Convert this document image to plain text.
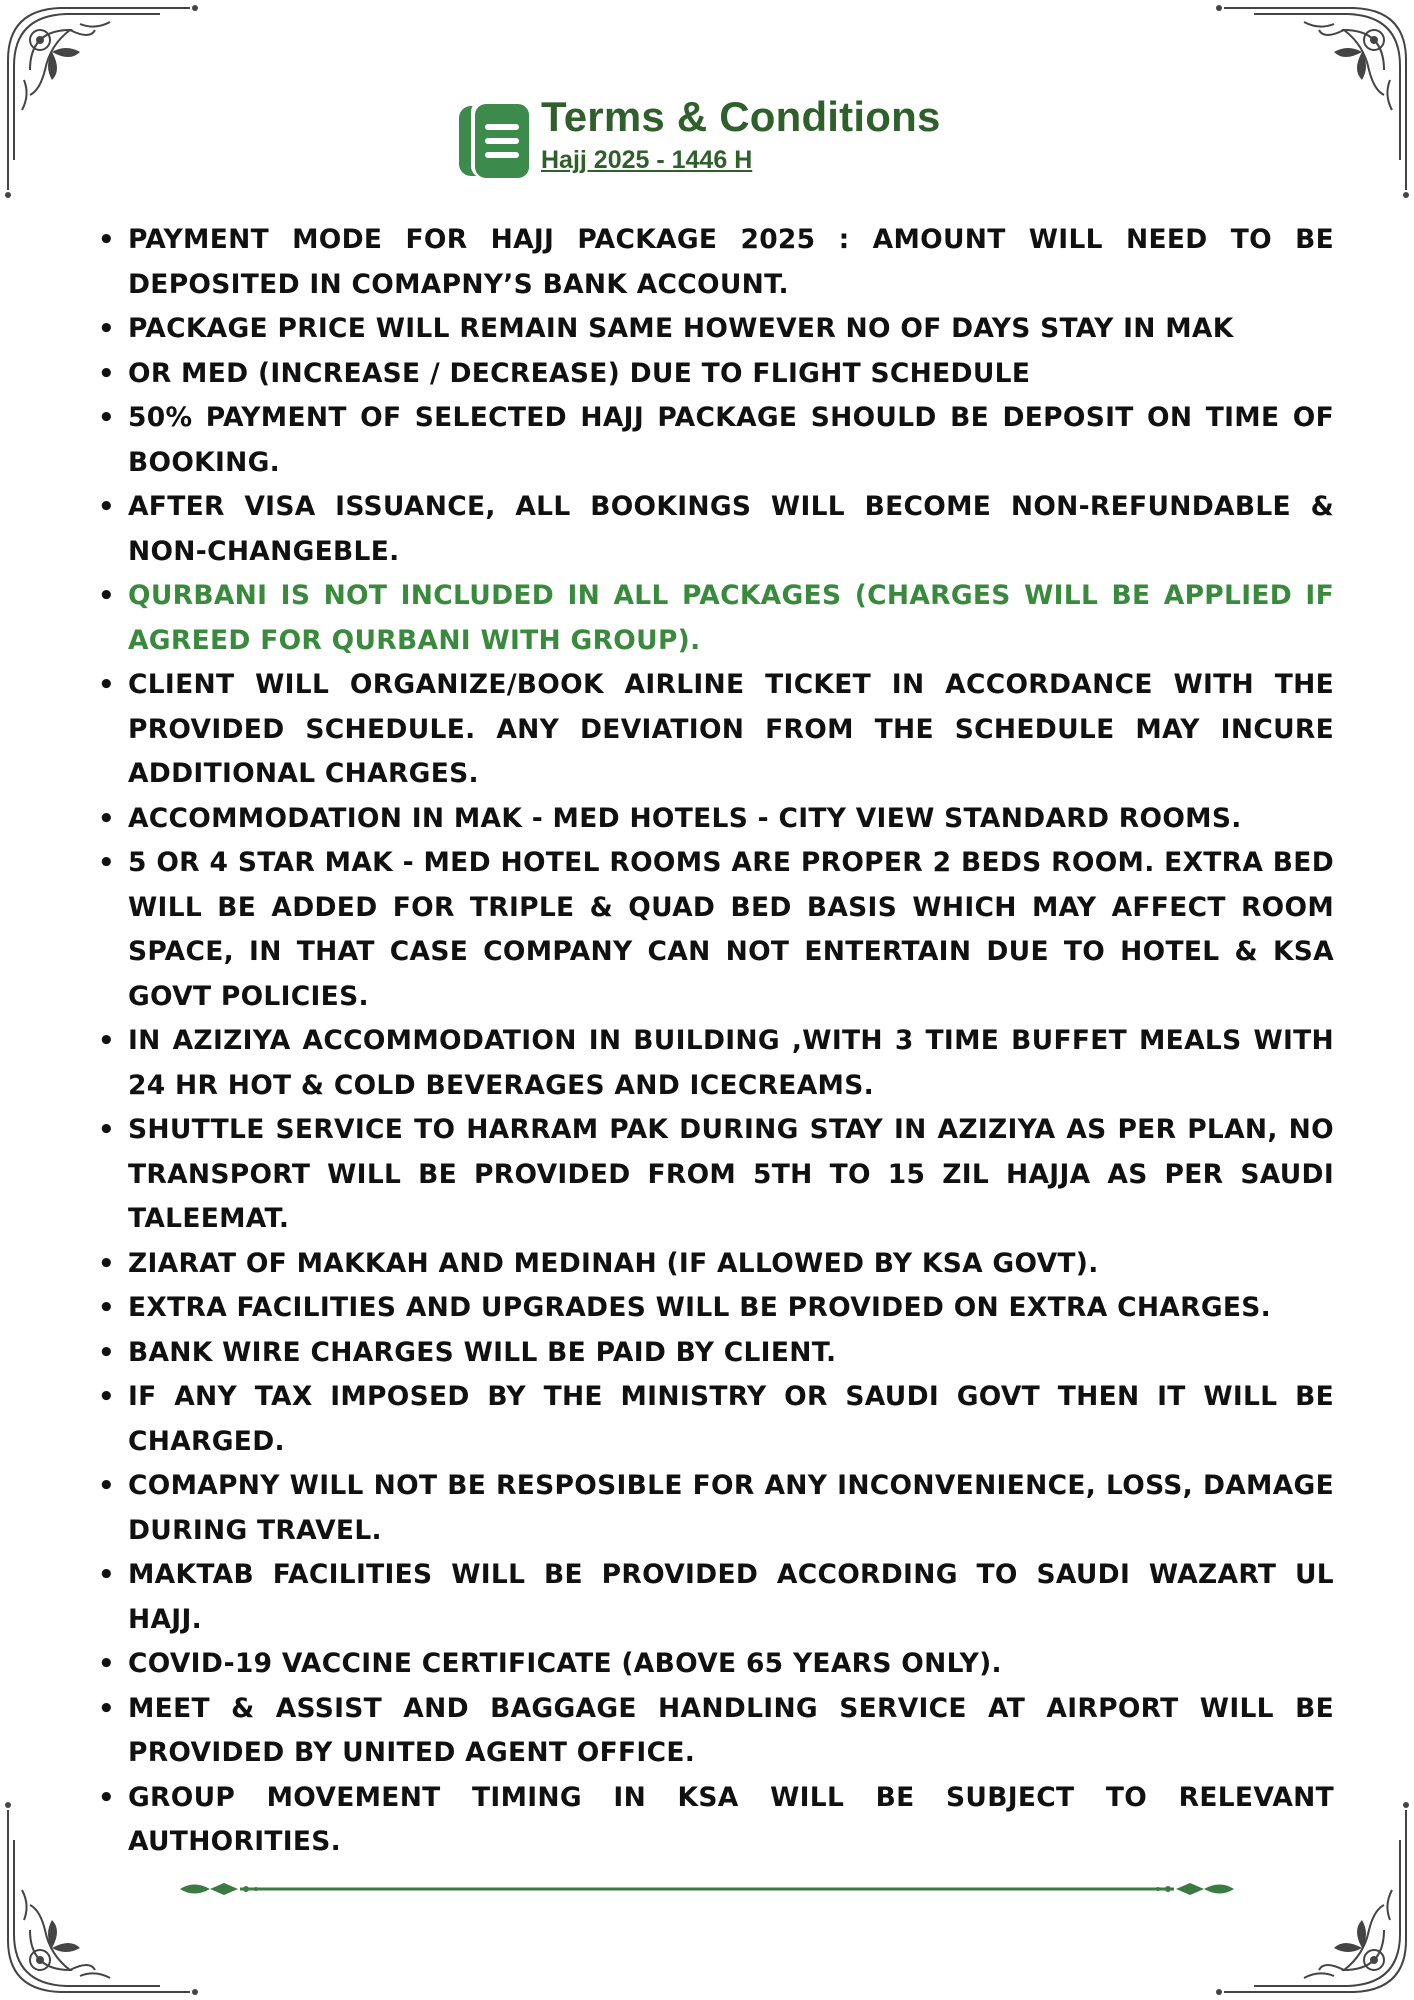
Terms & Conditions
Hajj 2025 - 1446 H
• PAYMENT MODE FOR HAJJ PACKAGE 2025 : AMOUNT WILL NEED TO BE DEPOSITED IN COMAPNY’S BANK ACCOUNT.
• PACKAGE PRICE WILL REMAIN SAME HOWEVER NO OF DAYS STAY IN MAK
• OR MED (INCREASE / DECREASE) DUE TO FLIGHT SCHEDULE
• 50% PAYMENT OF SELECTED HAJJ PACKAGE SHOULD BE DEPOSIT ON TIME OF BOOKING.
• AFTER VISA ISSUANCE, ALL BOOKINGS WILL BECOME NON-REFUNDABLE & NON-CHANGEBLE.
• QURBANI IS NOT INCLUDED IN ALL PACKAGES (CHARGES WILL BE APPLIED IF AGREED FOR QURBANI WITH GROUP).
• CLIENT WILL ORGANIZE/BOOK AIRLINE TICKET IN ACCORDANCE WITH THE PROVIDED SCHEDULE. ANY DEVIATION FROM THE SCHEDULE MAY INCURE ADDITIONAL CHARGES.
• ACCOMMODATION IN MAK - MED HOTELS - CITY VIEW STANDARD ROOMS.
• 5 OR 4 STAR MAK - MED HOTEL ROOMS ARE PROPER 2 BEDS ROOM. EXTRA BED WILL BE ADDED FOR TRIPLE & QUAD BED BASIS WHICH MAY AFFECT ROOM SPACE, IN THAT CASE COMPANY CAN NOT ENTERTAIN DUE TO HOTEL & KSA GOVT POLICIES.
• IN AZIZIYA ACCOMMODATION IN BUILDING ,WITH 3 TIME BUFFET MEALS WITH 24 HR HOT & COLD BEVERAGES AND ICECREAMS.
• SHUTTLE SERVICE TO HARRAM PAK DURING STAY IN AZIZIYA AS PER PLAN, NO TRANSPORT WILL BE PROVIDED FROM 5TH TO 15 ZIL HAJJA AS PER SAUDI TALEEMAT.
• ZIARAT OF MAKKAH AND MEDINAH (IF ALLOWED BY KSA GOVT).
• EXTRA FACILITIES AND UPGRADES WILL BE PROVIDED ON EXTRA CHARGES.
• BANK WIRE CHARGES WILL BE PAID BY CLIENT.
• IF ANY TAX IMPOSED BY THE MINISTRY OR SAUDI GOVT THEN IT WILL BE CHARGED.
• COMAPNY WILL NOT BE RESPOSIBLE FOR ANY INCONVENIENCE, LOSS, DAMAGE DURING TRAVEL.
• MAKTAB FACILITIES WILL BE PROVIDED ACCORDING TO SAUDI WAZART UL HAJJ.
• COVID-19 VACCINE CERTIFICATE (ABOVE 65 YEARS ONLY).
• MEET & ASSIST AND BAGGAGE HANDLING SERVICE AT AIRPORT WILL BE PROVIDED BY UNITED AGENT OFFICE.
• GROUP MOVEMENT TIMING IN KSA WILL BE SUBJECT TO RELEVANT AUTHORITIES.
